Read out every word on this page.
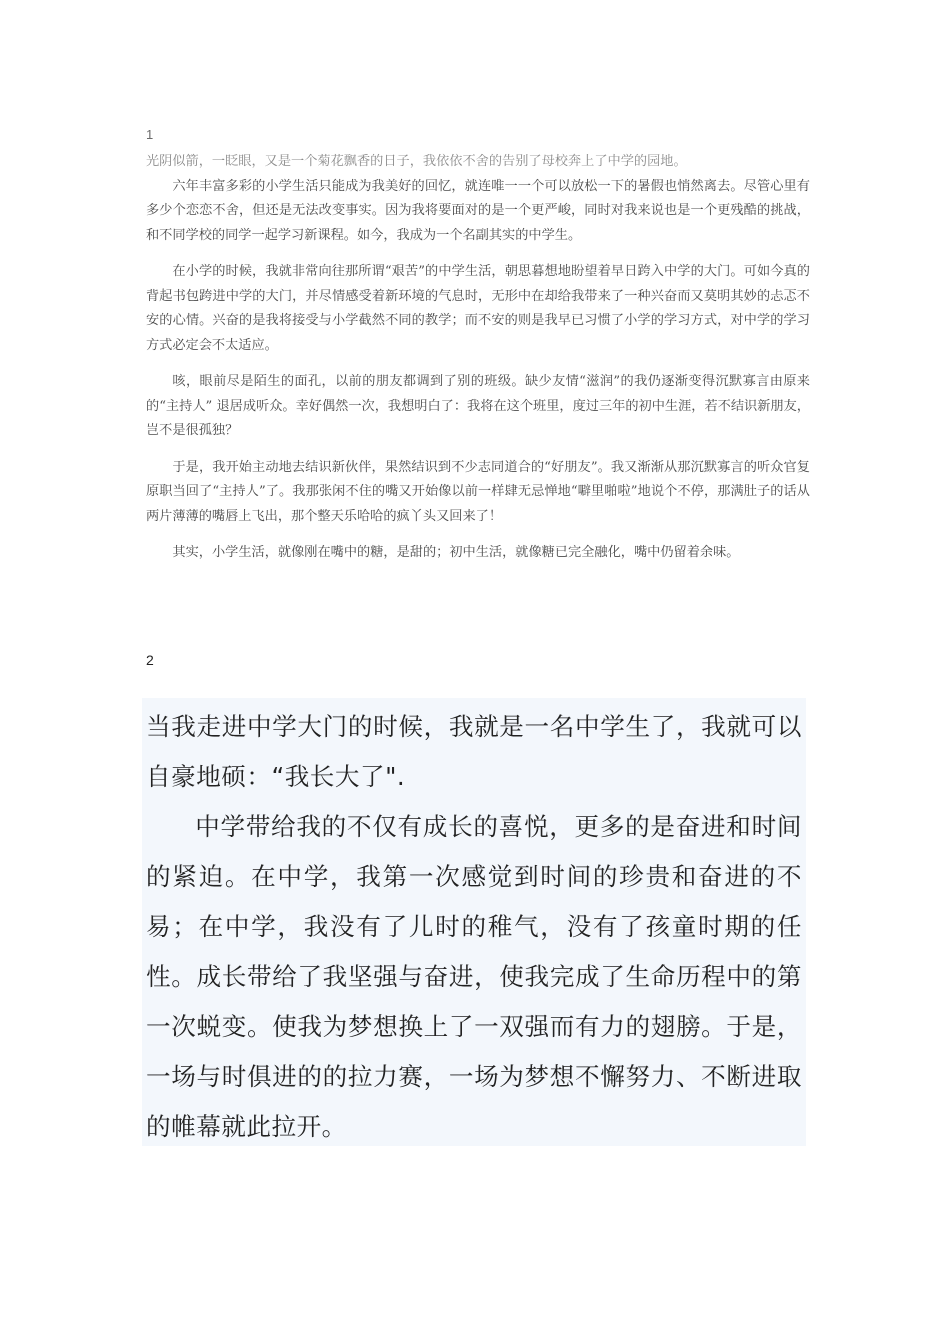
1

光阴似箭，一眨眼，又是一个菊花飘香的日子，我依依不舍的告别了母校奔上了中学的园地。

六年丰富多彩的小学生活只能成为我美好的回忆，就连唯一一个可以放松一下的暑假也悄然离去。尽管心里有多少个恋恋不舍，但还是无法改变事实。因为我将要面对的是一个更严峻，同时对我来说也是一个更残酷的挑战，和不同学校的同学一起学习新课程。如今，我成为一个名副其实的中学生。

在小学的时候，我就非常向往那所谓“艰苦”的中学生活，朝思暮想地盼望着早日跨入中学的大门。可如今真的背起书包跨进中学的大门，并尽情感受着新环境的气息时，无形中在却给我带来了一种兴奋而又莫明其妙的忐忑不安的心情。兴奋的是我将接受与小学截然不同的教学；而不安的则是我早已习惯了小学的学习方式，对中学的学习方式必定会不太适应。

咳，眼前尽是陌生的面孔，以前的朋友都调到了别的班级。缺少友情“滋润”的我仍逐渐变得沉默寡言由原来的“主持人” 退居成听众。幸好偶然一次，我想明白了：我将在这个班里，度过三年的初中生涯，若不结识新朋友，岂不是很孤独？

于是，我开始主动地去结识新伙伴，果然结识到不少志同道合的“好朋友”。我又渐渐从那沉默寡言的听众官复原职当回了“主持人”了。我那张闲不住的嘴又开始像以前一样肆无忌惮地“噼里啪啦”地说个不停，那满肚子的话从两片薄薄的嘴唇上飞出，那个整天乐哈哈的疯丫头又回来了！

其实，小学生活，就像刚在嘴中的糖，是甜的；初中生活，就像糖已完全融化，嘴中仍留着余味。

2

当我走进中学大门的时候，我就是一名中学生了，我就可以自豪地硕：“我长大了".

中学带给我的不仅有成长的喜悦，更多的是奋进和时间的紧迫。在中学，我第一次感觉到时间的珍贵和奋进的不易；在中学，我没有了儿时的稚气，没有了孩童时期的任性。成长带给了我坚强与奋进，使我完成了生命历程中的第一次蜕变。使我为梦想换上了一双强而有力的翅膀。于是，一场与时俱进的的拉力赛，一场为梦想不懈努力、不断进取的帷幕就此拉开。
